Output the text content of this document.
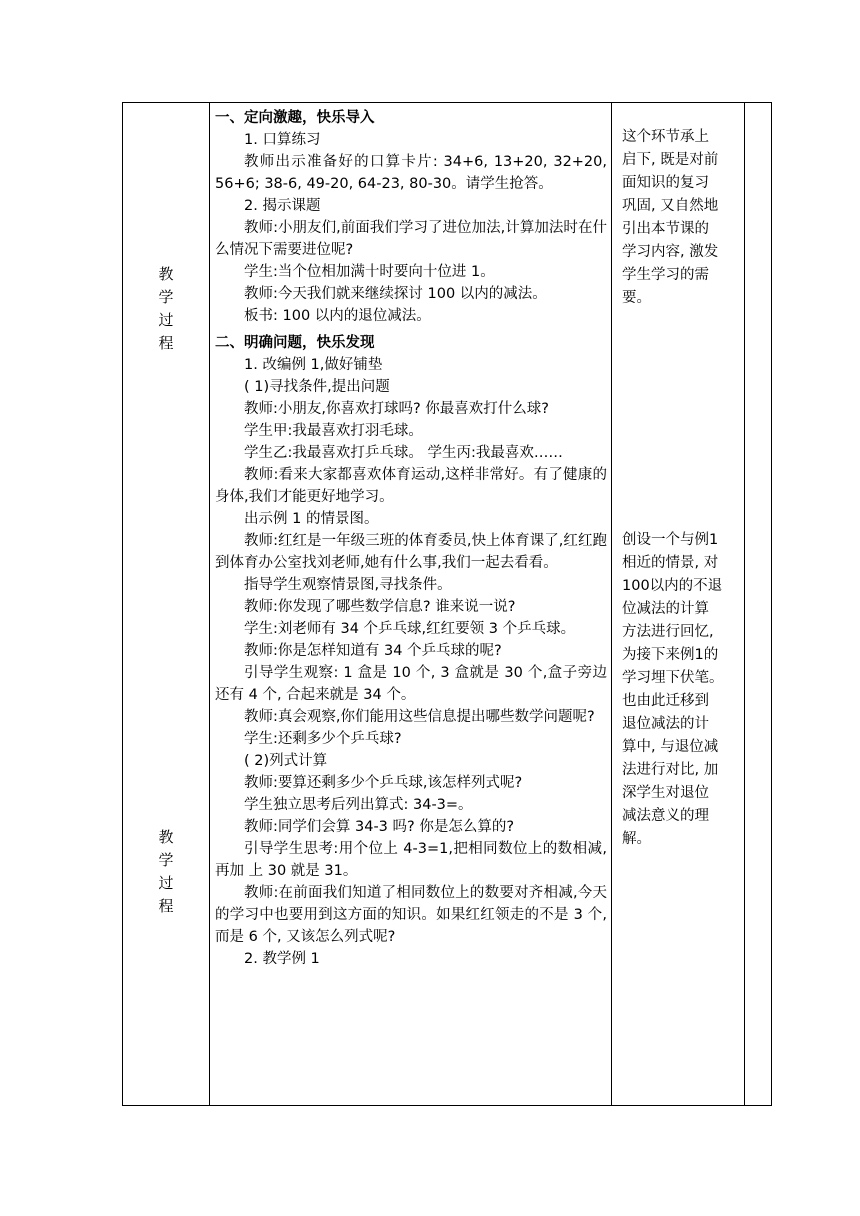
教
学
过
程
教
学
过
程

一、定向激趣，快乐导入

1. 口算练习

教师出示准备好的口算卡片: 34+6, 13+20, 32+20, 56+6; 38-6, 49-20, 64-23, 80-30。请学生抢答。

2. 揭示课题

教师:小朋友们,前面我们学习了进位加法,计算加法时在什么情况下需要进位呢?

学生:当个位相加满十时要向十位进 1。

教师:今天我们就来继续探讨 100 以内的减法。

板书: 100 以内的退位减法。

二、明确问题，快乐发现

1. 改编例 1,做好铺垫

( 1)寻找条件,提出问题

教师:小朋友,你喜欢打球吗? 你最喜欢打什么球?

学生甲:我最喜欢打羽毛球。

学生乙:我最喜欢打乒乓球。 学生丙:我最喜欢……

教师:看来大家都喜欢体育运动,这样非常好。有了健康的身体,我们才能更好地学习。

出示例 1 的情景图。

教师:红红是一年级三班的体育委员,快上体育课了,红红跑到体育办公室找刘老师,她有什么事,我们一起去看看。

指导学生观察情景图,寻找条件。

教师:你发现了哪些数学信息? 谁来说一说?

学生:刘老师有 34 个乒乓球,红红要领 3 个乒乓球。

教师:你是怎样知道有 34 个乒乓球的呢?

引导学生观察: 1 盒是 10 个, 3 盒就是 30 个,盒子旁边还有 4 个, 合起来就是 34 个。

教师:真会观察,你们能用这些信息提出哪些数学问题呢?

学生:还剩多少个乒乓球?

( 2)列式计算

教师:要算还剩多少个乒乓球,该怎样列式呢?

学生独立思考后列出算式: 34-3=。

教师:同学们会算 34-3 吗? 你是怎么算的?

引导学生思考:用个位上 4-3=1,把相同数位上的数相减,再加 上 30 就是 31。

教师:在前面我们知道了相同数位上的数要对齐相减,今天的学习中也要用到这方面的知识。如果红红领走的不是 3 个,而是 6 个, 又该怎么列式呢?

2. 教学例 1

这个环节承上

启下, 既是对前

面知识的复习

巩固, 又自然地

引出本节课的

学习内容, 激发

学生学习的需

要。

创设一个与例1

相近的情景, 对

100以内的不退

位减法的计算

方法进行回忆,

为接下来例1的

学习埋下伏笔。

也由此迁移到

退位减法的计

算中, 与退位减

法进行对比, 加

深学生对退位

减法意义的理

解。
